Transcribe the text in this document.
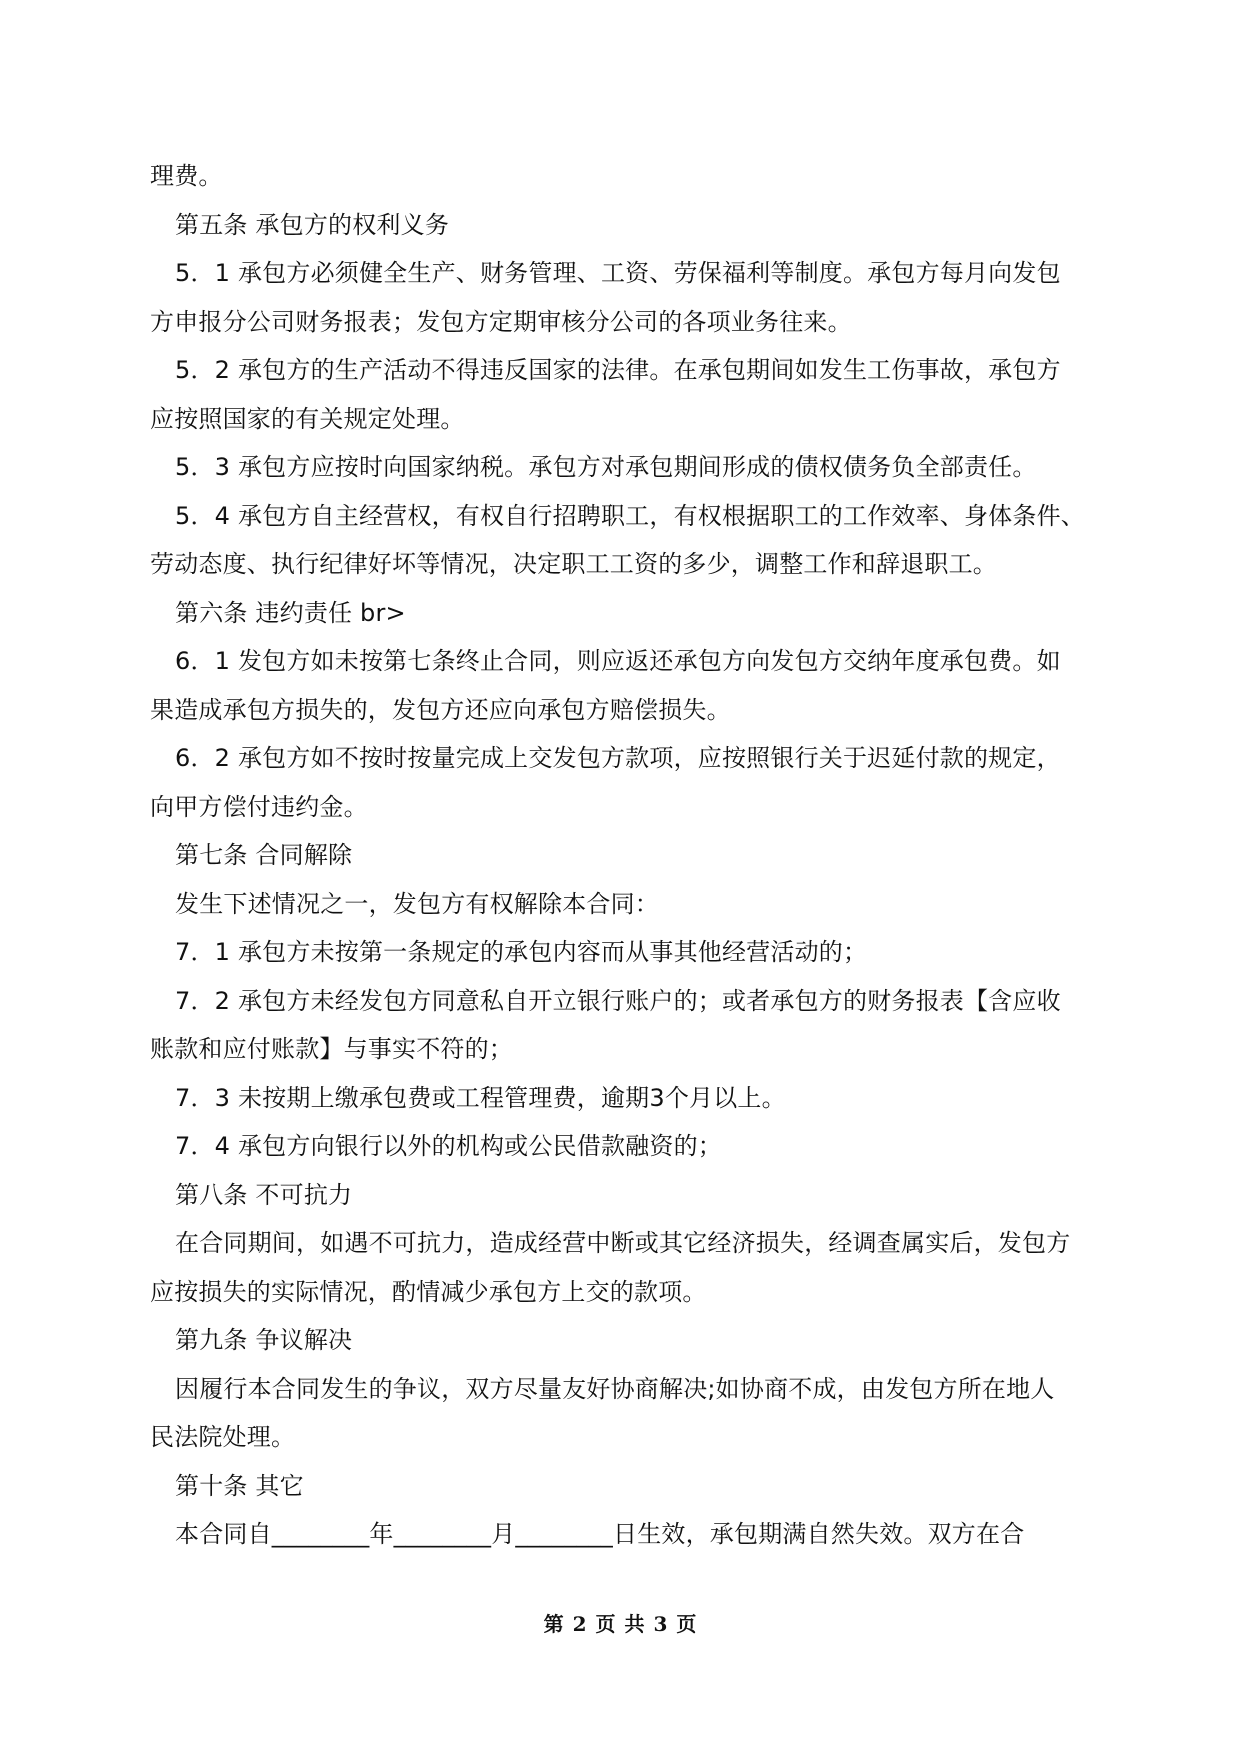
理费。
第五条 承包方的权利义务
5．1 承包方必须健全生产、财务管理、工资、劳保福利等制度。承包方每月向发包
方申报分公司财务报表；发包方定期审核分公司的各项业务往来。
5．2 承包方的生产活动不得违反国家的法律。在承包期间如发生工伤事故，承包方
应按照国家的有关规定处理。
5．3 承包方应按时向国家纳税。承包方对承包期间形成的债权债务负全部责任。
5．4 承包方自主经营权，有权自行招聘职工，有权根据职工的工作效率、身体条件、
劳动态度、执行纪律好坏等情况，决定职工工资的多少，调整工作和辞退职工。
第六条 违约责任 br>
6．1 发包方如未按第七条终止合同，则应返还承包方向发包方交纳年度承包费。如
果造成承包方损失的，发包方还应向承包方赔偿损失。
6．2 承包方如不按时按量完成上交发包方款项，应按照银行关于迟延付款的规定，
向甲方偿付违约金。
第七条 合同解除
发生下述情况之一，发包方有权解除本合同：
7．1 承包方未按第一条规定的承包内容而从事其他经营活动的；
7．2 承包方未经发包方同意私自开立银行账户的；或者承包方的财务报表【含应收
账款和应付账款】与事实不符的；
7．3 未按期上缴承包费或工程管理费，逾期3个月以上。
7．4 承包方向银行以外的机构或公民借款融资的；
第八条 不可抗力
在合同期间，如遇不可抗力，造成经营中断或其它经济损失，经调查属实后，发包方
应按损失的实际情况，酌情减少承包方上交的款项。
第九条 争议解决
因履行本合同发生的争议，双方尽量友好协商解决;如协商不成，由发包方所在地人
民法院处理。
第十条 其它
本合同自________年________月________日生效，承包期满自然失效。双方在合
第 2 页 共 3 页
